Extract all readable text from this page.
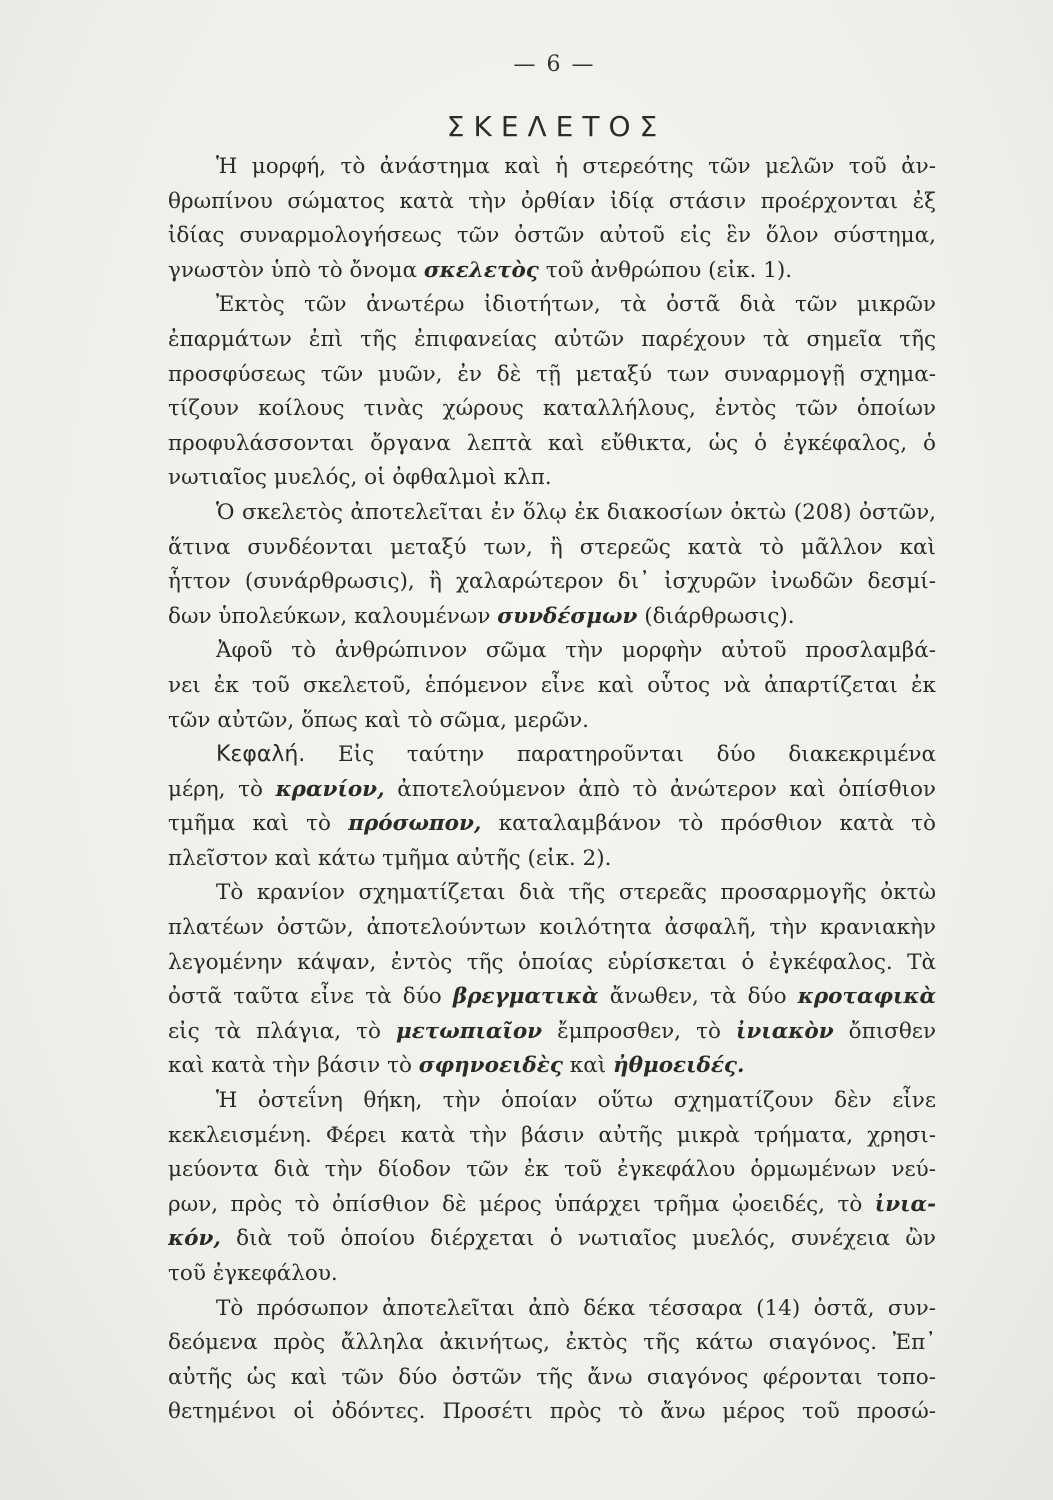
— 6 —
ΣΚΕΛΕΤΟΣ
Ἡ μορφή, τὸ ἀνάστημα καὶ ἡ στερεότης τῶν μελῶν τοῦ ἀν-
θρωπίνου σώματος κατὰ τὴν ὀρθίαν ἰδίᾳ στάσιν προέρχονται ἐξ
ἰδίας συναρμολογήσεως τῶν ὀστῶν αὐτοῦ εἰς ἓν ὅλον σύστημα,
γνωστὸν ὑπὸ τὸ ὄνομα σκελετὸς τοῦ ἀνθρώπου (εἰκ. 1).
Ἐκτὸς τῶν ἀνωτέρω ἰδιοτήτων, τὰ ὀστᾶ διὰ τῶν μικρῶν
ἐπαρμάτων ἐπὶ τῆς ἐπιφανείας αὐτῶν παρέχουν τὰ σημεῖα τῆς
προσφύσεως τῶν μυῶν, ἐν δὲ τῇ μεταξύ των συναρμογῇ σχημα-
τίζουν κοίλους τινὰς χώρους καταλλήλους, ἐντὸς τῶν ὁποίων
προφυλάσσονται ὄργανα λεπτὰ καὶ εὔθικτα, ὡς ὁ ἐγκέφαλος, ὁ
νωτιαῖος μυελός, οἱ ὀφθαλμοὶ κλπ.
Ὁ σκελετὸς ἀποτελεῖται ἐν ὅλῳ ἐκ διακοσίων ὀκτὼ (208) ὀστῶν,
ἅτινα συνδέονται μεταξύ των, ἢ στερεῶς κατὰ τὸ μᾶλλον καὶ
ἧττον (συνάρθρωσις), ἢ χαλαρώτερον δι᾽ ἰσχυρῶν ἰνωδῶν δεσμί-
δων ὑπολεύκων, καλουμένων συνδέσμων (διάρθρωσις).
Ἀφοῦ τὸ ἀνθρώπινον σῶμα τὴν μορφὴν αὐτοῦ προσλαμβά-
νει ἐκ τοῦ σκελετοῦ, ἑπόμενον εἶνε καὶ οὗτος νὰ ἀπαρτίζεται ἐκ
τῶν αὐτῶν, ὅπως καὶ τὸ σῶμα, μερῶν.
Κεφαλή. Εἰς ταύτην παρατηροῦνται δύο διακεκριμένα
μέρη, τὸ κρανίον, ἀποτελούμενον ἀπὸ τὸ ἀνώτερον καὶ ὀπίσθιον
τμῆμα καὶ τὸ πρόσωπον, καταλαμβάνον τὸ πρόσθιον κατὰ τὸ
πλεῖστον καὶ κάτω τμῆμα αὐτῆς (εἰκ. 2).
Τὸ κρανίον σχηματίζεται διὰ τῆς στερεᾶς προσαρμογῆς ὀκτὼ
πλατέων ὀστῶν, ἀποτελούντων κοιλότητα ἀσφαλῆ, τὴν κρανιακὴν
λεγομένην κάψαν, ἐντὸς τῆς ὁποίας εὑρίσκεται ὁ ἐγκέφαλος. Τὰ
ὀστᾶ ταῦτα εἶνε τὰ δύο βρεγματικὰ ἄνωθεν, τὰ δύο κροταφικὰ
εἰς τὰ πλάγια, τὸ μετωπιαῖον ἔμπροσθεν, τὸ ἰνιακὸν ὄπισθεν
καὶ κατὰ τὴν βάσιν τὸ σφηνοειδὲς καὶ ἠθμοειδές.
Ἡ ὀστεΐνη θήκη, τὴν ὁποίαν οὕτω σχηματίζουν δὲν εἶνε
κεκλεισμένη. Φέρει κατὰ τὴν βάσιν αὐτῆς μικρὰ τρήματα, χρησι-
μεύοντα διὰ τὴν δίοδον τῶν ἐκ τοῦ ἐγκεφάλου ὁρμωμένων νεύ-
ρων, πρὸς τὸ ὀπίσθιον δὲ μέρος ὑπάρχει τρῆμα ᾠοειδές, τὸ ἰνια-
κόν, διὰ τοῦ ὁποίου διέρχεται ὁ νωτιαῖος μυελός, συνέχεια ὢν
τοῦ ἐγκεφάλου.
Τὸ πρόσωπον ἀποτελεῖται ἀπὸ δέκα τέσσαρα (14) ὀστᾶ, συν-
δεόμενα πρὸς ἄλληλα ἀκινήτως, ἐκτὸς τῆς κάτω σιαγόνος. Ἐπ᾽
αὐτῆς ὡς καὶ τῶν δύο ὀστῶν τῆς ἄνω σιαγόνος φέρονται τοπο-
θετημένοι οἱ ὀδόντες. Προσέτι πρὸς τὸ ἄνω μέρος τοῦ προσώ-
